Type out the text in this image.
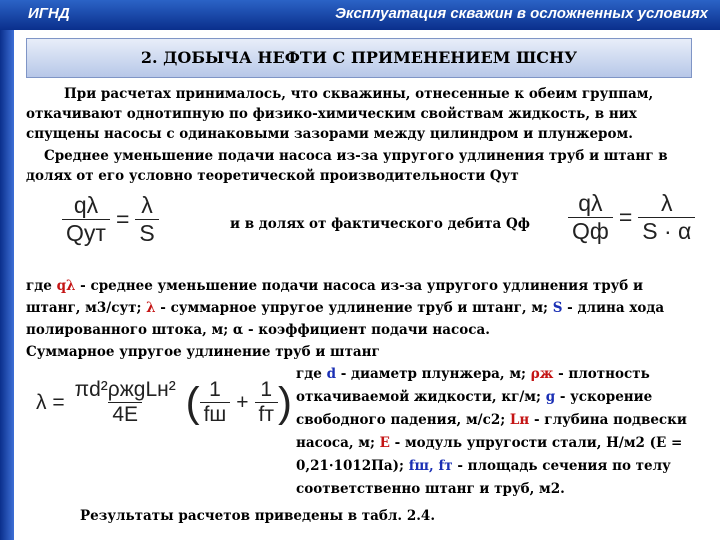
ИГНД	Эксплуатация скважин в осложненных условиях
2. ДОБЫЧА НЕФТИ С ПРИМЕНЕНИЕМ ШСНУ
При расчетах принималось, что скважины, отнесенные к обеим группам,
откачивают однотипную по физико-химическим свойствам жидкость, в них
спущены насосы с одинаковыми зазорами между цилиндром и плунжером.
Среднее уменьшение подачи насоса из-за упругого удлинения труб и штанг в
долях от его условно теоретической производительности Qут
$\frac{q\lambda}{\text{Qут}} = \frac{\lambda}{S}$	и в долях от фактического дебита Qф $\frac{q\lambda}{Qф} = \frac{\lambda}{S \cdot \alpha}$
где qλ - среднее уменьшение подачи насоса из-за упругого удлинения труб и
штанг, м3/сут; λ - суммарное упругое удлинение труб и штанг, м; S - длина хода
полированного штока, м; α - коэффициент подачи насоса.
Суммарное упругое удлинение труб и штанг
$\lambda = \frac{\text{πd²ρжgLн²}}{4E}$ ( $\frac{1}{fш} + \frac{1}{fт}$ )
где d - диаметр плунжера, м; ρж - плотность
откачиваемой жидкости, кг/м; g - ускорение
свободного падения, м/с2; Lн - глубина подвески
насоса, м; Е - модуль упругости стали, Н/м2 (Е =
0,21·1012Па); fш, fт - площадь сечения по телу
соответственно штанг и труб, м2.
Результаты расчетов приведены в табл. 2.4.
